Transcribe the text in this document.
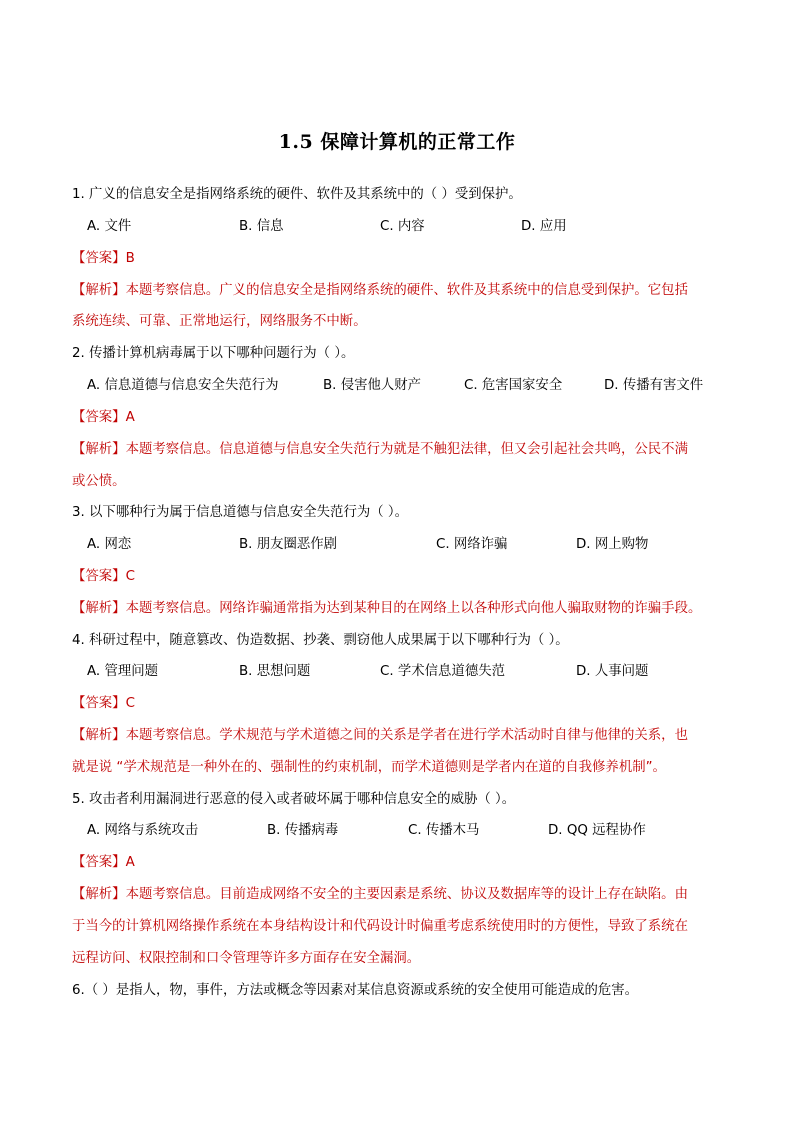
1.5 保障计算机的正常工作
1. 广义的信息安全是指网络系统的硬件、软件及其系统中的（ ）受到保护。
A. 文件	B. 信息	C. 内容	D. 应用
【答案】B
【解析】本题考察信息。广义的信息安全是指网络系统的硬件、软件及其系统中的信息受到保护。它包括
系统连续、可靠、正常地运行，网络服务不中断。
2. 传播计算机病毒属于以下哪种问题行为（ ）。
A. 信息道德与信息安全失范行为	B. 侵害他人财产	C. 危害国家安全	D. 传播有害文件
【答案】A
【解析】本题考察信息。信息道德与信息安全失范行为就是不触犯法律，但又会引起社会共鸣，公民不满
或公愤。
3. 以下哪种行为属于信息道德与信息安全失范行为（ ）。
A. 网恋	B. 朋友圈恶作剧	C. 网络诈骗	D. 网上购物
【答案】C
【解析】本题考察信息。网络诈骗通常指为达到某种目的在网络上以各种形式向他人骗取财物的诈骗手段。
4. 科研过程中，随意篡改、伪造数据、抄袭、剽窃他人成果属于以下哪种行为（ ）。
A. 管理问题	B. 思想问题	C. 学术信息道德失范	D. 人事问题
【答案】C
【解析】本题考察信息。学术规范与学术道德之间的关系是学者在进行学术活动时自律与他律的关系，也
就是说 “学术规范是一种外在的、强制性的约束机制，而学术道德则是学者内在道的自我修养机制”。
5. 攻击者利用漏洞进行恶意的侵入或者破坏属于哪种信息安全的威胁（ ）。
A. 网络与系统攻击	B. 传播病毒	C. 传播木马	D. QQ 远程协作
【答案】A
【解析】本题考察信息。目前造成网络不安全的主要因素是系统、协议及数据库等的设计上存在缺陷。由
于当今的计算机网络操作系统在本身结构设计和代码设计时偏重考虑系统使用时的方便性，导致了系统在
远程访问、权限控制和口令管理等许多方面存在安全漏洞。
6.（ ）是指人，物，事件，方法或概念等因素对某信息资源或系统的安全使用可能造成的危害。
